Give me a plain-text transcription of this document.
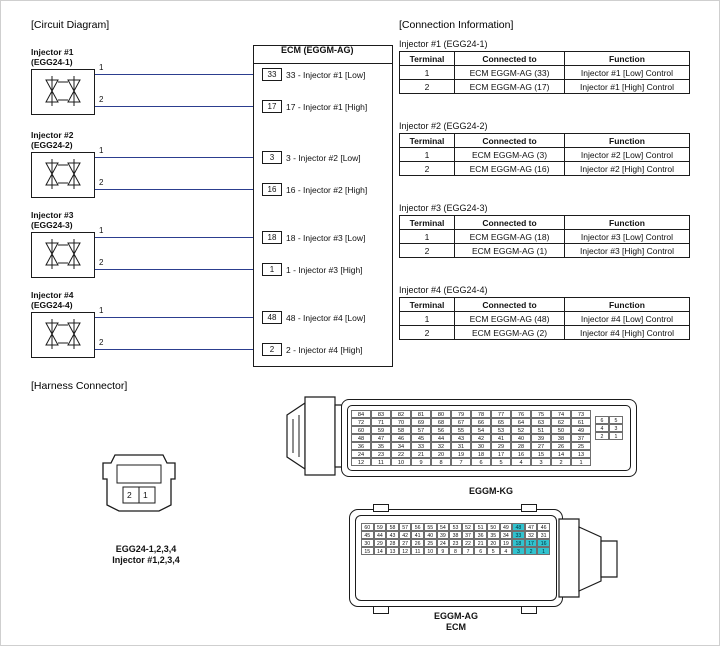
[Circuit Diagram]	[Connection Information]
[Harness Connector]
ECM (EGGM-AG)
Injector #1
(EGG24-1)
1
2
33	33 - Injector #1 [Low]
17	17 - Injector #1 [High]
Injector #2
(EGG24-2)
1
2
3	3 - Injector #2 [Low]
16	16 - Injector #2 [High]
Injector #3
(EGG24-3)
1
2
18	18 - Injector #3 [Low]
1	1 - Injector #3 [High]
Injector #4
(EGG24-4)
1
2
48	48 - Injector #4 [Low]
2	2 - Injector #4 [High]
Injector #1 (EGG24-1)
Terminal	Connected to	Function
1	ECM EGGM-AG (33)	Injector #1 [Low] Control
2	ECM EGGM-AG (17)	Injector #1 [High] Control
Injector #2 (EGG24-2)
Terminal	Connected to	Function
1	ECM EGGM-AG (3)	Injector #2 [Low] Control
2	ECM EGGM-AG (16)	Injector #2 [High] Control
Injector #3 (EGG24-3)
Terminal	Connected to	Function
1	ECM EGGM-AG (18)	Injector #3 [Low] Control
2	ECM EGGM-AG (1)	Injector #3 [High] Control
Injector #4 (EGG24-4)
Terminal	Connected to	Function
1	ECM EGGM-AG (48)	Injector #4 [Low] Control
2	ECM EGGM-AG (2)	Injector #4 [High] Control
2 1
EGG24-1,2,3,4
Injector #1,2,3,4
84	83	82	81	80	79	78	77	76	75	74	73
72	71	70	69	68	67	66	65	64	63	62	61
60	59	58	57	56	55	54	53	52	51	50	49
48	47	46	45	44	43	42	41	40	39	38	37
36	35	34	33	32	31	30	29	28	27	26	25
24	23	22	21	20	19	18	17	16	15	14	13
12	11	10	9	8	7	6	5	4	3	2	1
6	5
4	3
2	1
EGGM-KG
60	59	58	57	56	55	54	53	52	51	50	49	48	47	46
45	44	43	42	41	40	39	38	37	36	35	34	33	32	31
30	29	28	27	26	25	24	23	22	21	20	19	18	17	16
15	14	13	12	11	10	9	8	7	6	5	4	3	2	1
EGGM-AG
ECM
